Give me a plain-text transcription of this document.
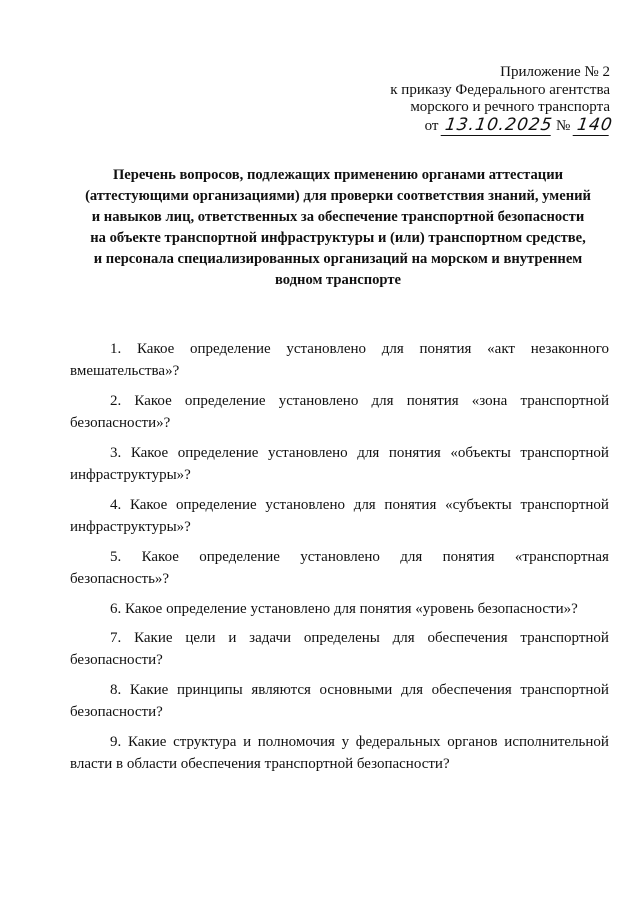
Приложение № 2
к приказу Федерального агентства
морского и речного транспорта
от 13.10.2025 № 140
Перечень вопросов, подлежащих применению органами аттестации
(аттестующими организациями) для проверки соответствия знаний, умений
и навыков лиц, ответственных за обеспечение транспортной безопасности
на объекте транспортной инфраструктуры и (или) транспортном средстве,
и персонала специализированных организаций на морском и внутреннем
водном транспорте
1. Какое определение установлено для понятия «акт незаконного
вмешательства»?
2. Какое определение установлено для понятия «зона транспортной
безопасности»?
3. Какое определение установлено для понятия «объекты транспортной
инфраструктуры»?
4. Какое определение установлено для понятия «субъекты транспортной
инфраструктуры»?
5. Какое определение установлено для понятия «транспортная
безопасность»?
6. Какое определение установлено для понятия «уровень безопасности»?
7. Какие цели и задачи определены для обеспечения транспортной
безопасности?
8. Какие принципы являются основными для обеспечения транспортной
безопасности?
9. Какие структура и полномочия у федеральных органов исполнительной
власти в области обеспечения транспортной безопасности?
